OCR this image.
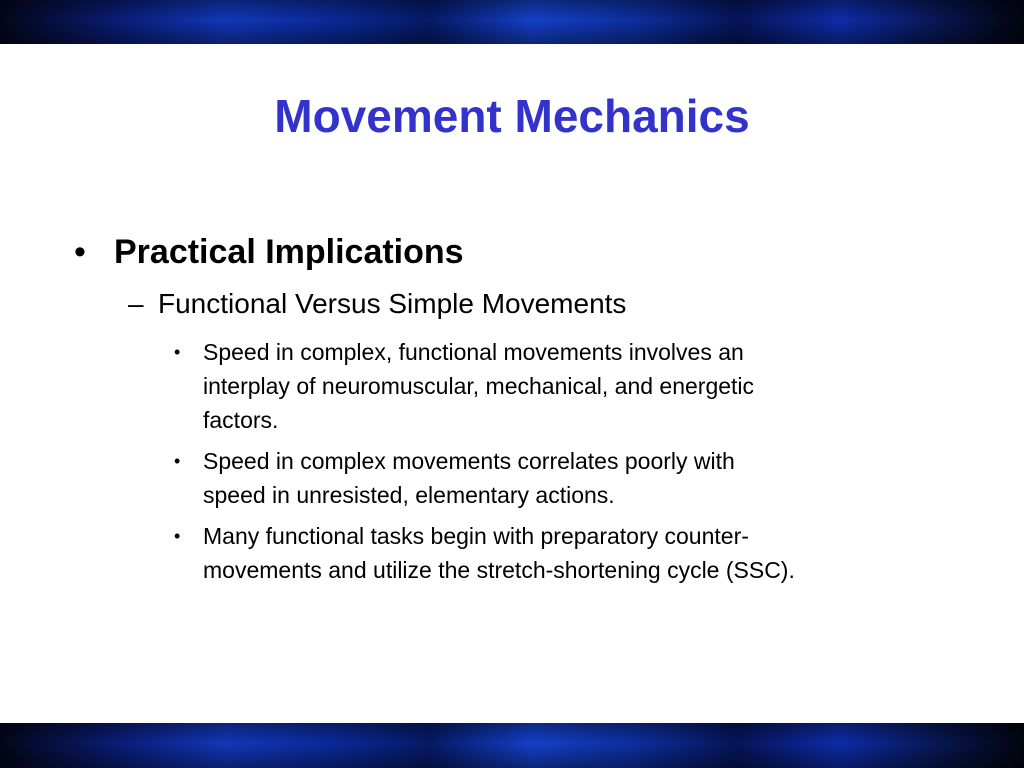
Movement Mechanics
• Practical Implications
– Functional Versus Simple Movements
• Speed in complex, functional movements involves an
interplay of neuromuscular, mechanical, and energetic
factors.
• Speed in complex movements correlates poorly with
speed in unresisted, elementary actions.
• Many functional tasks begin with preparatory counter-
movements and utilize the stretch-shortening cycle (SSC).
